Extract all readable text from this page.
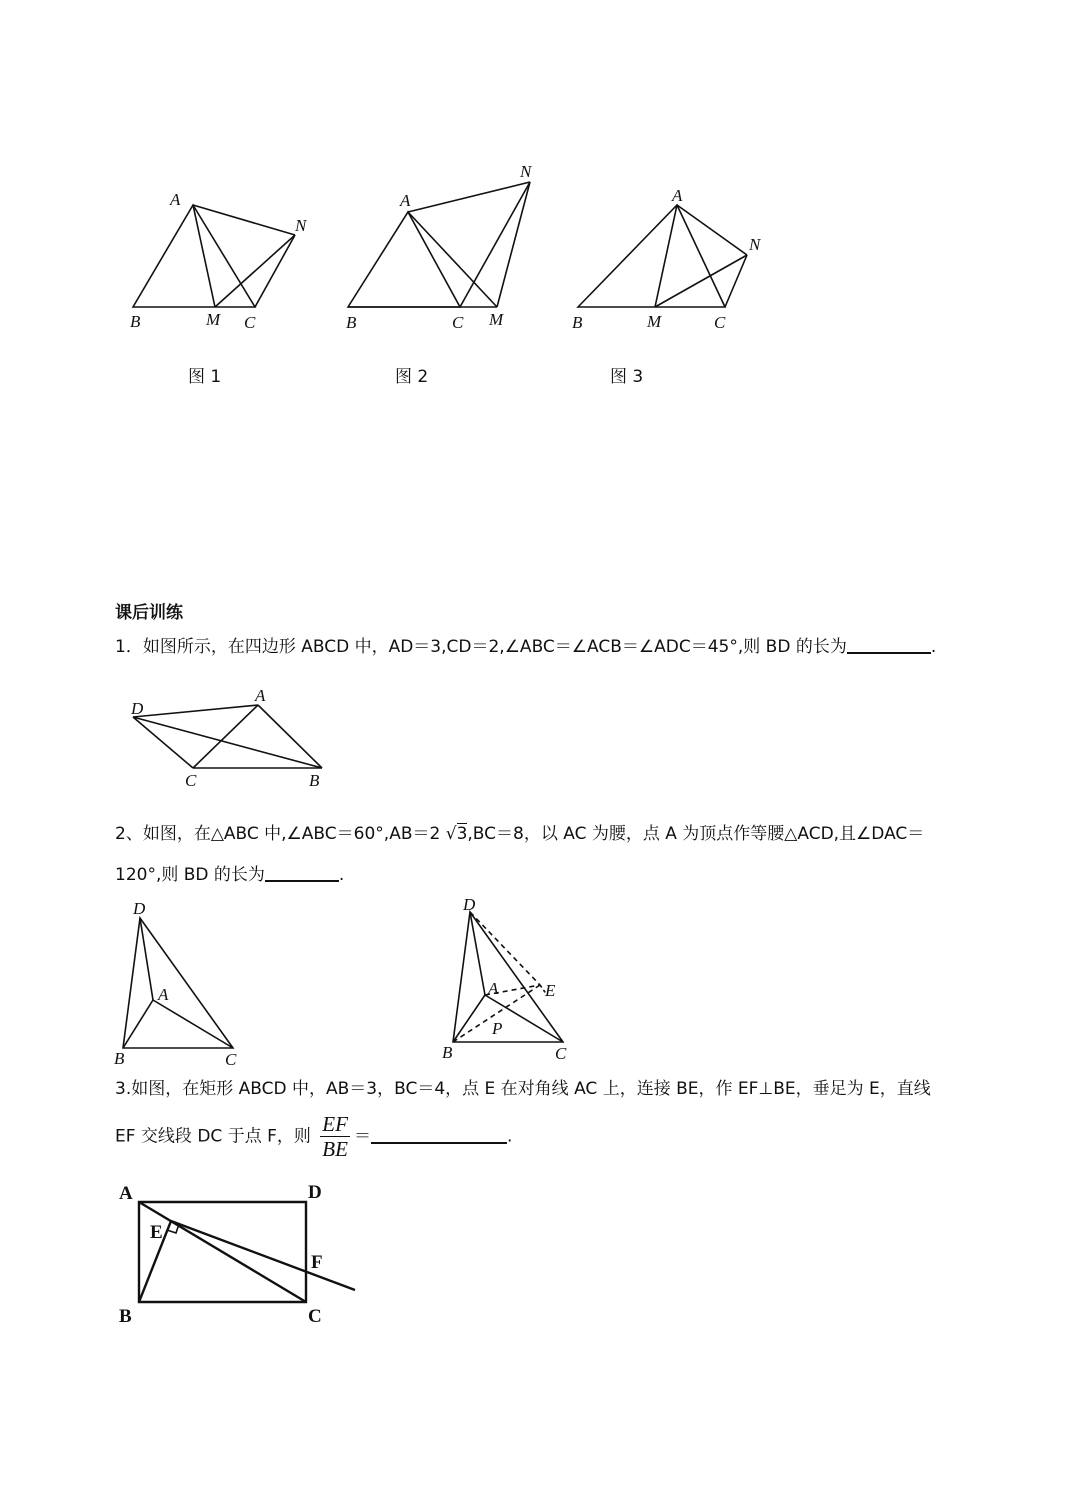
A
B	M C
N
A
B	C M
N
A
B	M	C
N
D
A
C	B
D
A
B	C
D
A	E
P
B	C
A	D
E
F
B	C
图 1	图 2	图 3
课后训练
1．如图所示，在四边形 ABCD 中，AD＝3,CD＝2,∠ABC＝∠ACB＝∠ADC＝45°,则 BD 的长为	.
2、如图，在△ABC 中,∠ABC＝60°,AB＝2 √3,BC＝8，以 AC 为腰，点 A 为顶点作等腰△ACD,且∠DAC＝
120°,则 BD 的长为	.
3.如图，在矩形 ABCD 中，AB＝3，BC＝4，点 E 在对角线 AC 上，连接 BE，作 EF⊥BE，垂足为 E，直线
EF 交线段 DC 于点 F，则 $\frac{EF}{BE}$ ＝	.
